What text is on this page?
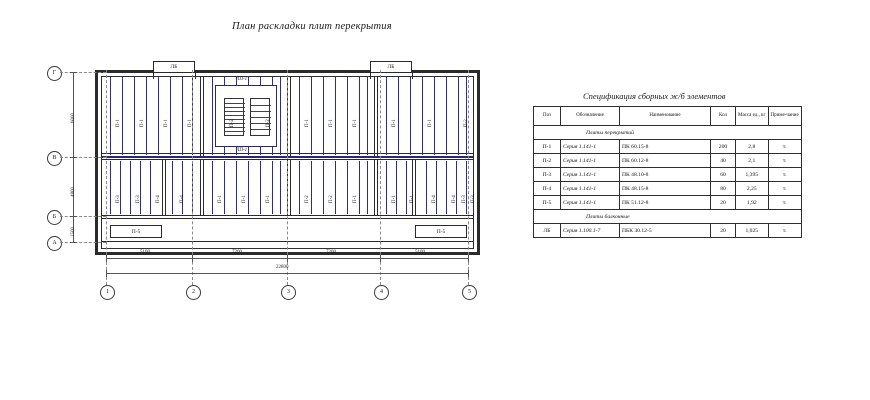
План раскладки плит перекрытия
ЛБ	ЛБ
ЛП-1
ЛП-1
П-5	П-5
П-1	П-1	П-1	П-1	П-2	П-2	П-1	П-1	П-1	П-1	П-1	П-2
П-3	П-3	П-4	П-4	П-1	П-1	П-1	П-2	П-2	П-1	П-1	П-1	П-4	П-4 П-3 П-3
Г
В
Б
А
6000
4800
1500
1	2	3	4	5
5100	7200	7200	5100
22800
Спецификация сборных ж/б элементов
Поз	Обозначение	Наименование	Кол	Масса ед., кг	Приме-чание
Плиты перекрытий					
П-1	Серия 1.141-1	ПК 60.15-8	200	2,8	т.
П-2	Серия 1.141-1	ПК 60.12-8	40	2,1	т.
П-3	Серия 1.141-1	ПК 48.10-8	60	1,395	т.
П-4	Серия 1.141-1	ПК 48.15-8	80	2,25	т.
П-5	Серия 1.141-1	ПК 51.12-8	20	1,92	т.
Плиты балконные					
ЛБ	Серия 1.100.1-7	ПБК 30.12-5	20	1,025	т.
